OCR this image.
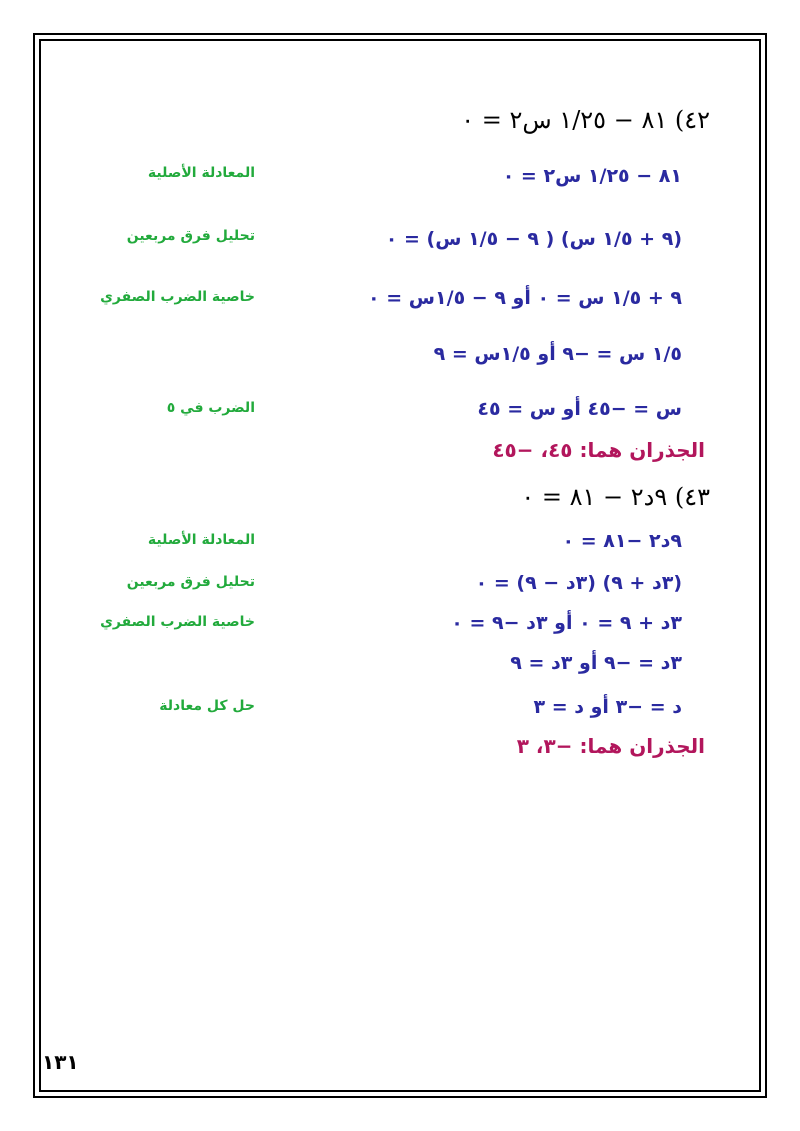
٤٢) ٨١ − ١/٢٥ س٢ = ٠
٨١ − ١/٢٥ س٢ = ٠
المعادلة الأصلية
(٩ + ١/٥ س) ( ٩ − ١/٥ س) = ٠
تحليل فرق مربعين
٩ + ١/٥ س = ٠ أو ٩ − ١/٥س = ٠
خاصية الضرب الصفري
١/٥ س = −٩ أو ١/٥س = ٩
س = −٤٥ أو س = ٤٥
الضرب في ٥
الجذران هما: ٤٥، −٤٥
٤٣) ٩د٢ − ٨١ = ٠
٩د٢ −٨١ = ٠
المعادلة الأصلية
(٣د + ٩) (٣د − ٩) = ٠
تحليل فرق مربعين
٣د + ٩ = ٠ أو ٣د −٩ = ٠
خاصية الضرب الصفري
٣د = −٩ أو ٣د = ٩
د = −٣ أو د = ٣
حل كل معادلة
الجذران هما: −٣، ٣
١٣١
